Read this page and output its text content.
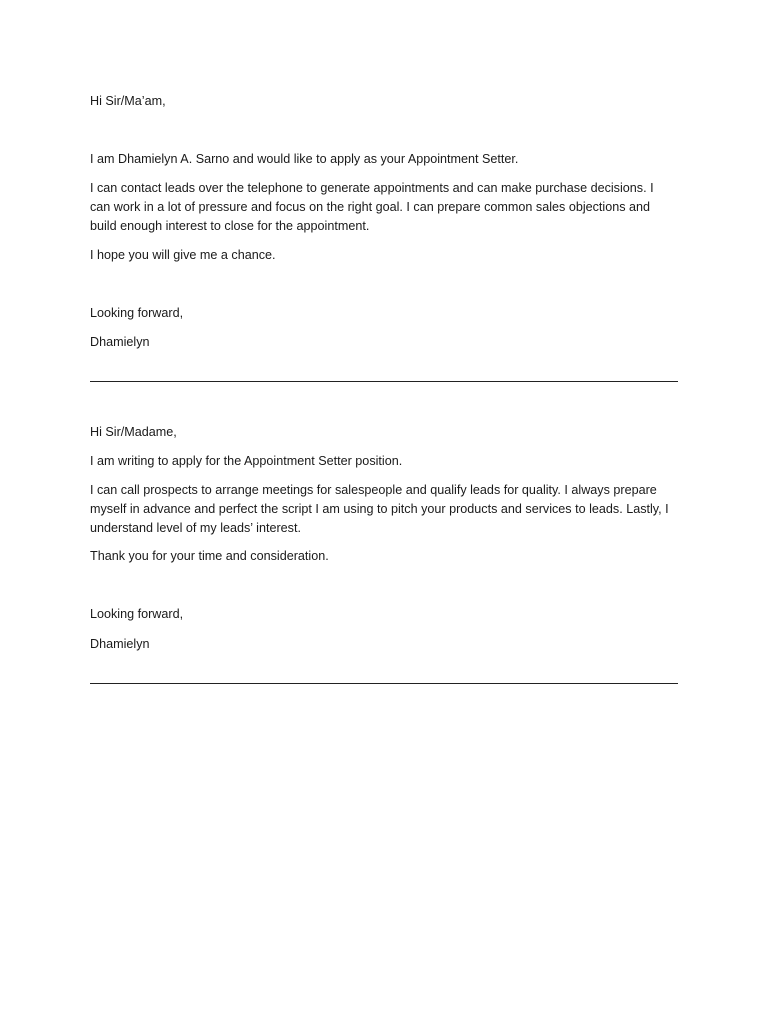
Hi Sir/Ma’am,
I am Dhamielyn A. Sarno and would like to apply as your Appointment Setter.
I can contact leads over the telephone to generate appointments and can make purchase decisions. I
can work in a lot of pressure and focus on the right goal. I can prepare common sales objections and
build enough interest to close for the appointment.
I hope you will give me a chance.
Looking forward,
Dhamielyn
Hi Sir/Madame,
I am writing to apply for the Appointment Setter position.
I can call prospects to arrange meetings for salespeople and qualify leads for quality. I always prepare
myself in advance and perfect the script I am using to pitch your products and services to leads. Lastly, I
understand level of my leads’ interest.
Thank you for your time and consideration.
Looking forward,
Dhamielyn
